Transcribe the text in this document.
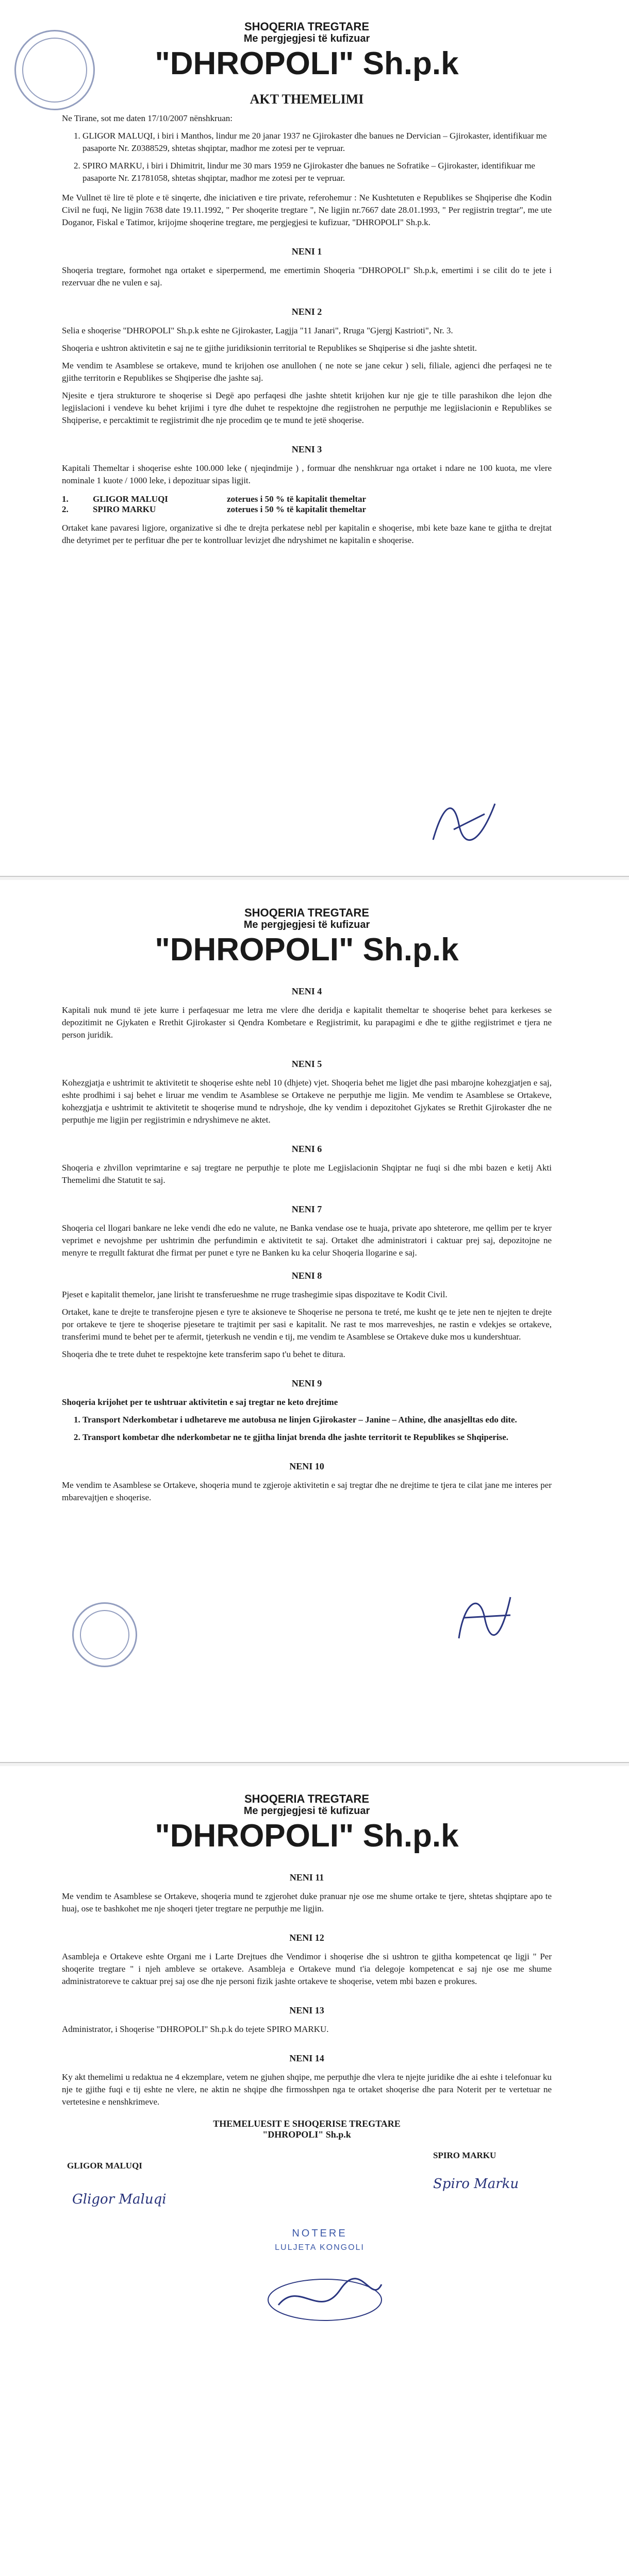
SHOQERIA TREGTARE
Me pergjegjesi të kufizuar
"DHROPOLI" Sh.p.k
AKT THEMELIMI

Ne Tirane, sot me daten 17/10/2007 nënshkruan:

1. GLIGOR MALUQI, i biri i Manthos, lindur me 20 janar 1937 ne Gjirokaster dhe banues ne Dervician – Gjirokaster, identifikuar me pasaporte Nr. Z0388529, shtetas shqiptar, madhor me zotesi per te vepruar.
2. SPIRO MARKU, i biri i Dhimitrit, lindur me 30 mars 1959 ne Gjirokaster dhe banues ne Sofratike – Gjirokaster, identifikuar me pasaporte Nr. Z1781058, shtetas shqiptar, madhor me zotesi per te vepruar.

Me Vullnet të lire të plote e të sinqerte, dhe iniciativen e tire private, referohemur : Ne Kushtetuten e Republikes se Shqiperise dhe Kodin Civil ne fuqi, Ne ligjin 7638 date 19.11.1992, " Per shoqerite tregtare ", Ne ligjin nr.7667 date 28.01.1993, " Per regjistrin tregtar", me ute Doganor, Fiskal e Tatimor, krijojme shoqerine tregtare, me pergjegjesi te kufizuar, "DHROPOLI" Sh.p.k.

NENI 1

Shoqeria tregtare, formohet nga ortaket e siperpermend, me emertimin Shoqeria "DHROPOLI" Sh.p.k, emertimi i se cilit do te jete i rezervuar dhe ne vulen e saj.

NENI 2

Selia e shoqerise "DHROPOLI" Sh.p.k eshte ne Gjirokaster, Lagjja "11 Janari", Rruga "Gjergj Kastrioti", Nr. 3.

Shoqeria e ushtron aktivitetin e saj ne te gjithe juridiksionin territorial te Republikes se Shqiperise si dhe jashte shtetit.

Me vendim te Asamblese se ortakeve, mund te krijohen ose anullohen ( ne note se jane cekur ) seli, filiale, agjenci dhe perfaqesi ne te gjithe territorin e Republikes se Shqiperise dhe jashte saj.

Njesite e tjera strukturore te shoqerise si Degë apo perfaqesi dhe jashte shtetit krijohen kur nje gje te tille parashikon dhe lejon dhe legjislacioni i vendeve ku behet krijimi i tyre dhe duhet te respektojne dhe regjistrohen ne perputhje me legjislacionin e Republikes se Shqiperise, e percaktimit te regjistrimit dhe nje procedim qe te mund te jetë shoqerise.

NENI 3

Kapitali Themeltar i shoqerise eshte 100.000 leke ( njeqindmije ) , formuar dhe nenshkruar nga ortaket i ndare ne 100 kuota, me vlere nominale 1 kuote / 1000 leke, i depozituar sipas ligjit.

1.	GLIGOR MALUQI	zoterues i 50 % të kapitalit themeltar
2.	SPIRO MARKU	zoterues i 50 % të kapitalit themeltar

Ortaket kane pavaresi ligjore, organizative si dhe te drejta perkatese nebl per kapitalin e shoqerise, mbi kete baze kane te gjitha te drejtat dhe detyrimet per te perfituar dhe per te kontrolluar levizjet dhe ndryshimet ne kapitalin e shoqerise.

SHOQERIA TREGTARE
Me pergjegjesi të kufizuar
"DHROPOLI" Sh.p.k
NENI 4

Kapitali nuk mund të jete kurre i perfaqesuar me letra me vlere dhe deridja e kapitalit themeltar te shoqerise behet para kerkeses se depozitimit ne Gjykaten e Rrethit Gjirokaster si Qendra Kombetare e Regjistrimit, ku parapagimi e dhe te gjithe regjistrimet e tjera ne person juridik.

NENI 5

Kohezgjatja e ushtrimit te aktivitetit te shoqerise eshte nebl 10 (dhjete) vjet. Shoqeria behet me ligjet dhe pasi mbarojne kohezgjatjen e saj, eshte prodhimi i saj behet e liruar me vendim te Asamblese se Ortakeve ne perputhje me ligjin. Me vendim te Asamblese se Ortakeve, kohezgjatja e ushtrimit te aktivitetit te shoqerise mund te ndryshoje, dhe ky vendim i depozitohet Gjykates se Rrethit Gjirokaster dhe ne perputhje me ligjin per regjistrimin e ndryshimeve ne aktet.

NENI 6

Shoqeria e zhvillon veprimtarine e saj tregtare ne perputhje te plote me Legjislacionin Shqiptar ne fuqi si dhe mbi bazen e ketij Akti Themelimi dhe Statutit te saj.

NENI 7

Shoqeria cel llogari bankare ne leke vendi dhe edo ne valute, ne Banka vendase ose te huaja, private apo shteterore, me qellim per te kryer veprimet e nevojshme per ushtrimin dhe perfundimin e aktivitetit te saj. Ortaket dhe administratori i caktuar prej saj, depozitojne ne menyre te rregullt fakturat dhe firmat per punet e tyre ne Banken ku ka celur Shoqeria llogarine e saj.

NENI 8

Pjeset e kapitalit themelor, jane lirisht te transferueshme ne rruge trashegimie sipas dispozitave te Kodit Civil.

Ortaket, kane te drejte te transferojne pjesen e tyre te aksioneve te Shoqerise ne persona te treté, me kusht qe te jete nen te njejten te drejte por ortakeve te tjere te shoqerise pjesetare te trajtimit per sasi e kapitalit. Ne rast te mos marreveshjes, ne rastin e vdekjes se ortakeve, transferimi mund te behet per te afermit, tjeterkush ne vendin e tij, me vendim te Asamblese se Ortakeve duke mos u kundershtuar.

Shoqeria dhe te trete duhet te respektojne kete transferim sapo t'u behet te ditura.

NENI 9

Shoqeria krijohet per te ushtruar aktivitetin e saj tregtar ne keto drejtime

1. Transport Nderkombetar i udhetareve me autobusa ne linjen Gjirokaster – Janine – Athine, dhe anasjelltas edo dite.
2. Transport kombetar dhe nderkombetar ne te gjitha linjat brenda dhe jashte territorit te Republikes se Shqiperise.
NENI 10

Me vendim te Asamblese se Ortakeve, shoqeria mund te zgjeroje aktivitetin e saj tregtar dhe ne drejtime te tjera te cilat jane me interes per mbarevajtjen e shoqerise.

SHOQERIA TREGTARE
Me pergjegjesi të kufizuar
"DHROPOLI" Sh.p.k
NENI 11

Me vendim te Asamblese se Ortakeve, shoqeria mund te zgjerohet duke pranuar nje ose me shume ortake te tjere, shtetas shqiptare apo te huaj, ose te bashkohet me nje shoqeri tjeter tregtare ne perputhje me ligjin.

NENI 12

Asambleja e Ortakeve eshte Organi me i Larte Drejtues dhe Vendimor i shoqerise dhe si ushtron te gjitha kompetencat qe ligji " Per shoqerite tregtare " i njeh ambleve se ortakeve. Asambleja e Ortakeve mund t'ia delegoje kompetencat e saj nje ose me shume administratoreve te caktuar prej saj ose dhe nje personi fizik jashte ortakeve te shoqerise, vetem mbi bazen e prokures.

NENI 13

Administrator, i Shoqerise "DHROPOLI" Sh.p.k do tejete SPIRO MARKU.

NENI 14

Ky akt themelimi u redaktua ne 4 ekzemplare, vetem ne gjuhen shqipe, me perputhje dhe vlera te njejte juridike dhe ai eshte i telefonuar ku nje te gjithe fuqi e tij eshte ne vlere, ne aktin ne shqipe dhe firmosshpen nga te ortaket shoqerise dhe para Noterit per te vertetuar ne vertetesine e nenshkrimeve.

THEMELUESIT E SHOQERISE TREGTARE
"DHROPOLI" Sh.p.k
GLIGOR MALUQI
Gligor Maluqi
SPIRO MARKU
Spiro Marku
NOTERE
LULJETA KONGOLI
